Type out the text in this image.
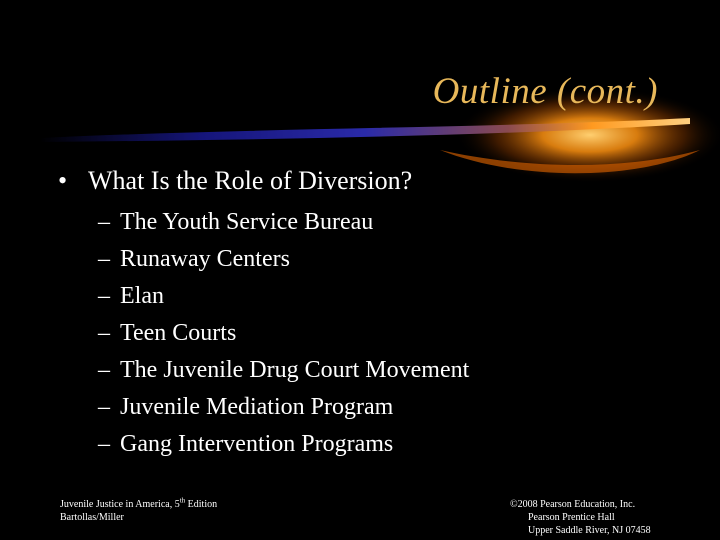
Outline (cont.)
• What Is the Role of Diversion?
– The Youth Service Bureau
– Runaway Centers
– Elan
– Teen Courts
– The Juvenile Drug Court Movement
– Juvenile Mediation Program
– Gang Intervention Programs
Juvenile Justice in America, 5th Edition
Bartollas/Miller
©2008 Pearson Education, Inc.
Pearson Prentice Hall
Upper Saddle River, NJ 07458
